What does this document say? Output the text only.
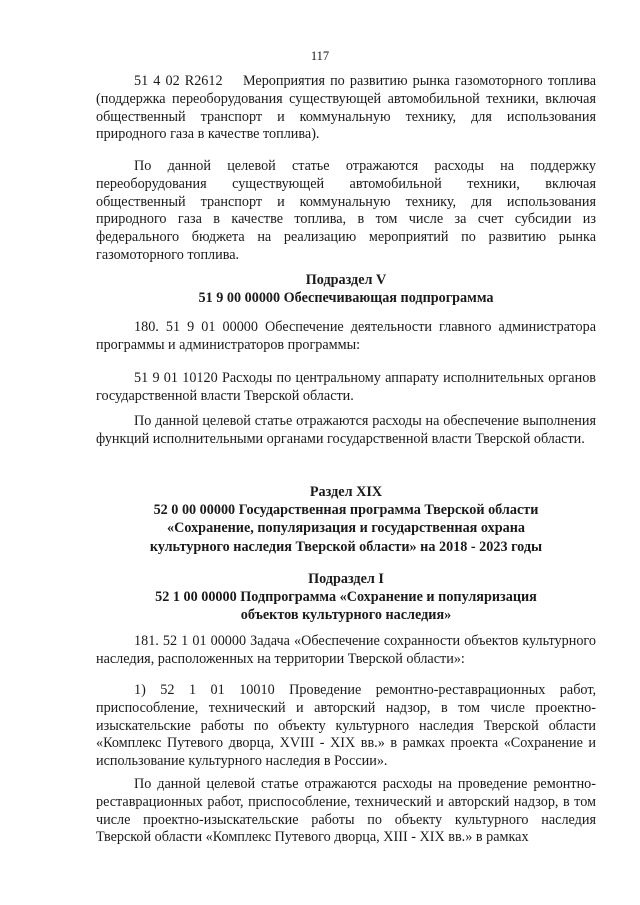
117

51 4 02 R2612    Мероприятия по развитию рынка газомоторного топлива (поддержка переоборудования существующей автомобильной техники, включая общественный транспорт и коммунальную технику, для использования природного газа в качестве топлива).

По данной целевой статье отражаются расходы на поддержку переоборудования существующей автомобильной техники, включая общественный транспорт и коммунальную технику, для использования природного газа в качестве топлива, в том числе за счет субсидии из федерального бюджета на реализацию мероприятий по развитию рынка газомоторного топлива.

Подраздел V

51 9 00 00000 Обеспечивающая подпрограмма

180. 51 9 01 00000 Обеспечение деятельности главного администратора программы и администраторов программы:

51 9 01 10120 Расходы по центральному аппарату исполнительных органов государственной власти Тверской области.

По данной целевой статье отражаются расходы на обеспечение выполнения функций исполнительными органами государственной власти Тверской области.

Раздел XIX

52 0 00 00000 Государственная программа Тверской области

«Сохранение, популяризация и государственная охрана

культурного наследия Тверской области» на 2018 - 2023 годы

Подраздел I

52 1 00 00000 Подпрограмма «Сохранение и популяризация

объектов культурного наследия»

181. 52 1 01 00000 Задача «Обеспечение сохранности объектов культурного наследия, расположенных на территории Тверской области»:

1) 52 1 01 10010 Проведение ремонтно-реставрационных работ, приспособление, технический и авторский надзор, в том числе проектно-изыскательские работы по объекту культурного наследия Тверской области «Комплекс Путевого дворца, XVIII - XIX вв.» в рамках проекта «Сохранение и использование культурного наследия в России».

По данной целевой статье отражаются расходы на проведение ремонтно-реставрационных работ, приспособление, технический и авторский надзор, в том числе проектно-изыскательские работы по объекту культурного наследия Тверской области «Комплекс Путевого дворца, XIII - XIX вв.» в рамках
